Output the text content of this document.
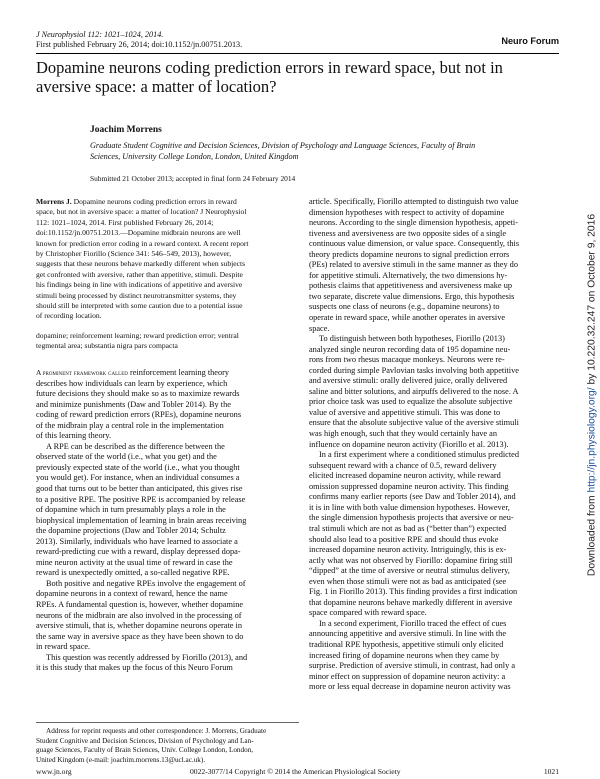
J Neurophysiol 112: 1021–1024, 2014.
First published February 26, 2014; doi:10.1152/jn.00751.2013.	Neuro Forum
Dopamine neurons coding prediction errors in reward space, but not in
aversive space: a matter of location?
Joachim Morrens
Graduate Student Cognitive and Decision Sciences, Division of Psychology and Language Sciences, Faculty of Brain
Sciences, University College London, London, United Kingdom
Submitted 21 October 2013; accepted in final form 24 February 2014
Morrens J. Dopamine neurons coding prediction errors in reward
space, but not in aversive space: a matter of location? J Neurophysiol
112: 1021–1024, 2014. First published February 26, 2014;
doi:10.1152/jn.00751.2013.—Dopamine midbrain neurons are well
known for prediction error coding in a reward context. A recent report
by Christopher Fiorillo (Science 341: 546–549, 2013), however,
suggests that these neurons behave markedly different when subjects
get confronted with aversive, rather than appetitive, stimuli. Despite
his findings being in line with indications of appetitive and aversive
stimuli being processed by distinct neurotransmitter systems, they
should still be interpreted with some caution due to a potential issue
of recording location.
dopamine; reinforcement learning; reward prediction error; ventral
tegmental area; substantia nigra pars compacta

A prominent framework called reinforcement learning theory
describes how individuals can learn by experience, which
future decisions they should make so as to maximize rewards
and minimize punishments (Daw and Tobler 2014). By the
coding of reward prediction errors (RPEs), dopamine neurons
of the midbrain play a central role in the implementation
of this learning theory.

A RPE can be described as the difference between the
observed state of the world (i.e., what you get) and the
previously expected state of the world (i.e., what you thought
you would get). For instance, when an individual consumes a
good that turns out to be better than anticipated, this gives rise
to a positive RPE. The positive RPE is accompanied by release
of dopamine which in turn presumably plays a role in the
biophysical implementation of learning in brain areas receiving
the dopamine projections (Daw and Tobler 2014; Schultz
2013). Similarly, individuals who have learned to associate a
reward-predicting cue with a reward, display depressed dopa-
mine neuron activity at the usual time of reward in case the
reward is unexpectedly omitted, a so-called negative RPE.

Both positive and negative RPEs involve the engagement of
dopamine neurons in a context of reward, hence the name
RPEs. A fundamental question is, however, whether dopamine
neurons of the midbrain are also involved in the processing of
aversive stimuli, that is, whether dopamine neurons operate in
the same way in aversive space as they have been shown to do
in reward space.

This question was recently addressed by Fiorillo (2013), and
it is this study that makes up the focus of this Neuro Forum

Address for reprint requests and other correspondence: J. Morrens, Graduate
Student Cognitive and Decision Sciences, Division of Psychology and Lan-
guage Sciences, Faculty of Brain Sciences, Univ. College London, London,
United Kingdom (e-mail: joachim.morrens.13@ucl.ac.uk).

article. Specifically, Fiorillo attempted to distinguish two value
dimension hypotheses with respect to activity of dopamine
neurons. According to the single dimension hypothesis, appeti-
tiveness and aversiveness are two opposite sides of a single
continuous value dimension, or value space. Consequently, this
theory predicts dopamine neurons to signal prediction errors
(PEs) related to aversive stimuli in the same manner as they do
for appetitive stimuli. Alternatively, the two dimensions hy-
pothesis claims that appetitiveness and aversiveness make up
two separate, discrete value dimensions. Ergo, this hypothesis
suspects one class of neurons (e.g., dopamine neurons) to
operate in reward space, while another operates in aversive
space.

To distinguish between both hypotheses, Fiorillo (2013)
analyzed single neuron recording data of 195 dopamine neu-
rons from two rhesus macaque monkeys. Neurons were re-
corded during simple Pavlovian tasks involving both appetitive
and aversive stimuli: orally delivered juice, orally delivered
saline and bitter solutions, and airpuffs delivered to the nose. A
prior choice task was used to equalize the absolute subjective
value of aversive and appetitive stimuli. This was done to
ensure that the absolute subjective value of the aversive stimuli
was high enough, such that they would certainly have an
influence on dopamine neuron activity (Fiorillo et al. 2013).

In a first experiment where a conditioned stimulus predicted
subsequent reward with a chance of 0.5, reward delivery
elicited increased dopamine neuron activity, while reward
omission suppressed dopamine neuron activity. This finding
confirms many earlier reports (see Daw and Tobler 2014), and
it is in line with both value dimension hypotheses. However,
the single dimension hypothesis projects that aversive or neu-
tral stimuli which are not as bad as (“better than”) expected
should also lead to a positive RPE and should thus evoke
increased dopamine neuron activity. Intriguingly, this is ex-
actly what was not observed by Fiorillo: dopamine firing still
“dipped” at the time of aversive or neutral stimulus delivery,
even when those stimuli were not as bad as anticipated (see
Fig. 1 in Fiorillo 2013). This finding provides a first indication
that dopamine neurons behave markedly different in aversive
space compared with reward space.

In a second experiment, Fiorillo traced the effect of cues
announcing appetitive and aversive stimuli. In line with the
traditional RPE hypothesis, appetitive stimuli only elicited
increased firing of dopamine neurons when they came by
surprise. Prediction of aversive stimuli, in contrast, had only a
minor effect on suppression of dopamine neuron activity: a
more or less equal decrease in dopamine neuron activity was

www.jn.org	0022-3077/14 Copyright © 2014 the American Physiological Society	1021
Downloaded from http://jn.physiology.org/ by 10.220.32.247 on October 9, 2016
